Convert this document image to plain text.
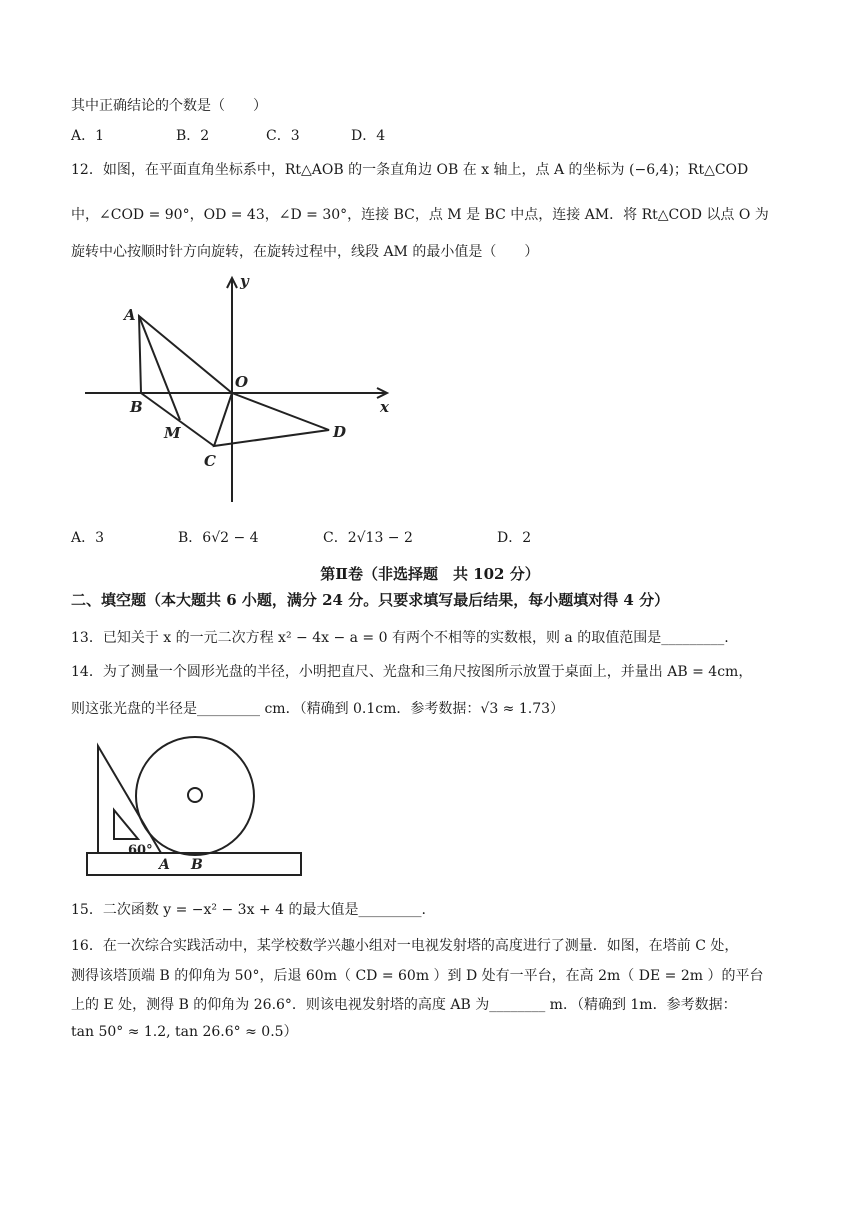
其中正确结论的个数是（　　）
A．1	B．2	C．3	D．4
12．如图，在平面直角坐标系中，Rt△AOB 的一条直角边 OB 在 x 轴上，点 A 的坐标为 (−6,4)；Rt△COD
中，∠COD = 90°，OD = 43，∠D = 30°，连接 BC，点 M 是 BC 中点，连接 AM．将 Rt△COD 以点 O 为
旋转中心按顺时针方向旋转，在旋转过程中，线段 AM 的最小值是（　　）
A
B
M
O
C
D
x
y
A．3	B．6√2 − 4	C．2√13 − 2	D．2
第Ⅱ卷（非选择题　共 102 分）
二、填空题（本大题共 6 小题，满分 24 分。只要求填写最后结果，每小题填对得 4 分）
13．已知关于 x 的一元二次方程 x² − 4x − a = 0 有两个不相等的实数根，则 a 的取值范围是_________.
14．为了测量一个圆形光盘的半径，小明把直尺、光盘和三角尺按图所示放置于桌面上，并量出 AB = 4cm，
则这张光盘的半径是_________ cm．（精确到 0.1cm．参考数据：√3 ≈ 1.73）
60°
A B
15．二次函数 y = −x² − 3x + 4 的最大值是_________.
16．在一次综合实践活动中，某学校数学兴趣小组对一电视发射塔的高度进行了测量．如图，在塔前 C 处，
测得该塔顶端 B 的仰角为 50°，后退 60m（ CD = 60m ）到 D 处有一平台，在高 2m（ DE = 2m ）的平台
上的 E 处，测得 B 的仰角为 26.6°．则该电视发射塔的高度 AB 为________ m．（精确到 1m．参考数据：
tan 50° ≈ 1.2, tan 26.6° ≈ 0.5）
